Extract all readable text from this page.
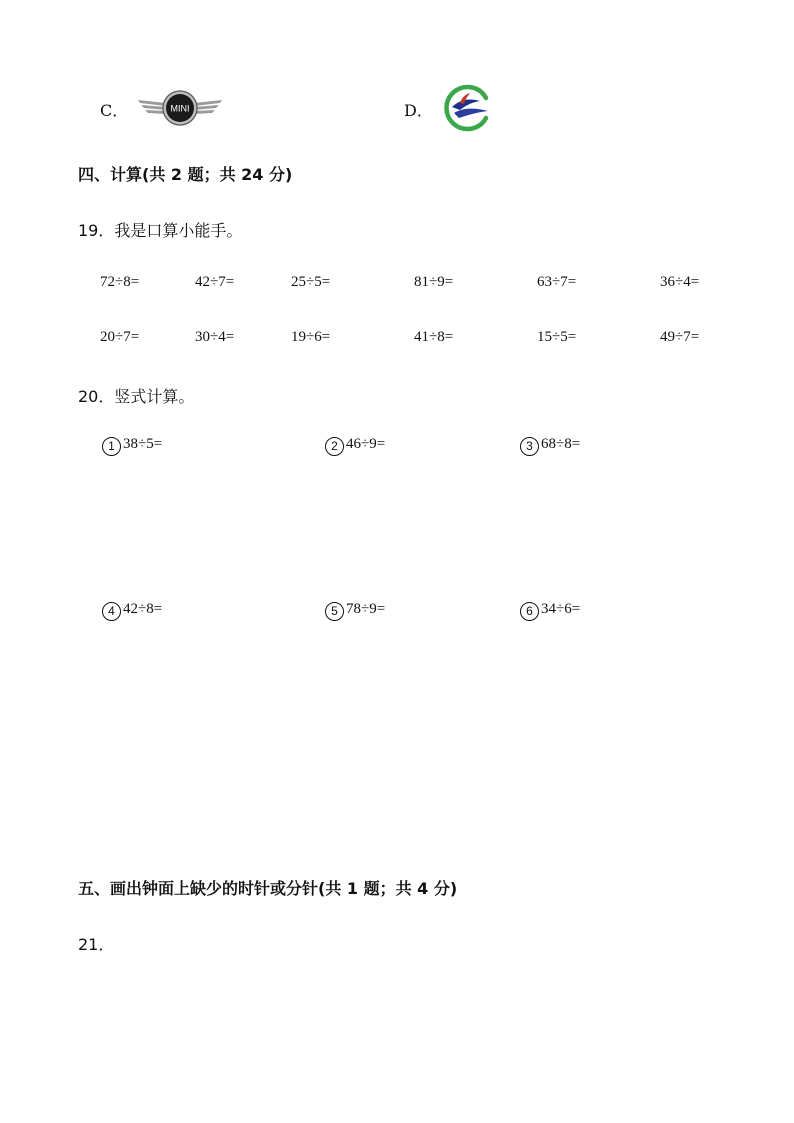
C．	MINI	D．
四、计算(共 2 题；共 24 分)
19．我是口算小能手。
72÷8=	42÷7=	25÷5=	81÷9=	63÷7=	36÷4=
20÷7=	30÷4=	19÷6=	41÷8=	15÷5=	49÷7=
20．竖式计算。
1 38÷5=	2 46÷9=	3 68÷8=
4 42÷8=	5 78÷9=	6 34÷6=
五、画出钟面上缺少的时针或分针(共 1 题；共 4 分)
21．
